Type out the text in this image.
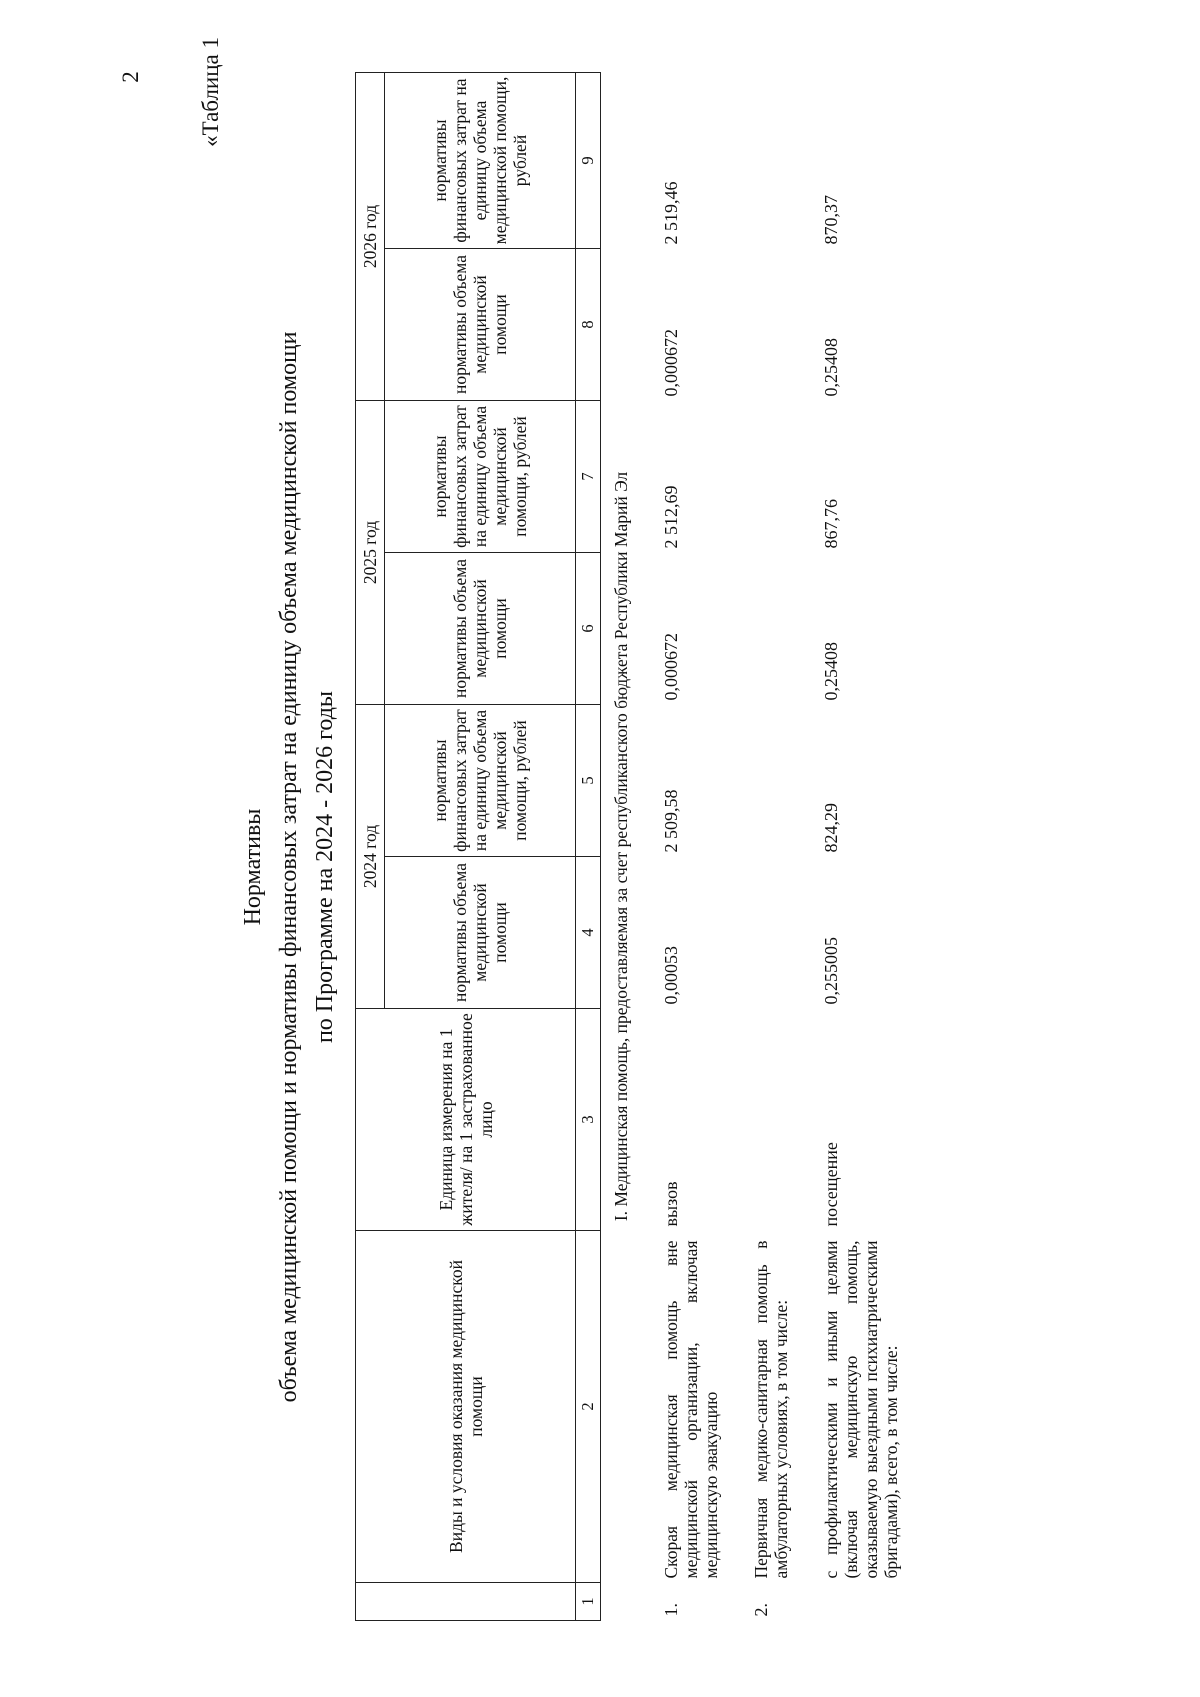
2 «Таблица 1
Нормативы объема медицинской помощи и нормативы финансовых затрат на единицу объема медицинской помощи по Программе на 2024 - 2026 годы
	Виды и условия оказания медицинской помощи	Единица измерения на 1 жителя/ на 1 застрахованное лицо	2024 год		2025 год		2026 год	
			нормативы объема медицинской помощи	нормативы финансовых затрат на единицу объема медицинской помощи, рублей	нормативы объема медицинской помощи	нормативы финансовых затрат на единицу объема медицинской помощи, рублей	нормативы объема медицинской помощи	нормативы финансовых затрат на единицу объема медицинской помощи, рублей
1	2	3	4	5	6	7	8	9
I. Медицинская помощь, предоставляемая за счет республиканского бюджета Республики Марий Эл								
1.	Скорая медицинская помощь вне медицинской организации, включая медицинскую эвакуацию	вызов	0,00053	2 509,58	0,000672	2 512,69	0,000672	2 519,46
2.	Первичная медико-санитарная помощь в амбулаторных условиях, в том числе:							
	с профилактическими и иными целями (включая медицинскую помощь, оказываемую выездными психиатрическими бригадами), всего, в том числе:	посещение	0,255005	824,29	0,25408	867,76	0,25408	870,37
